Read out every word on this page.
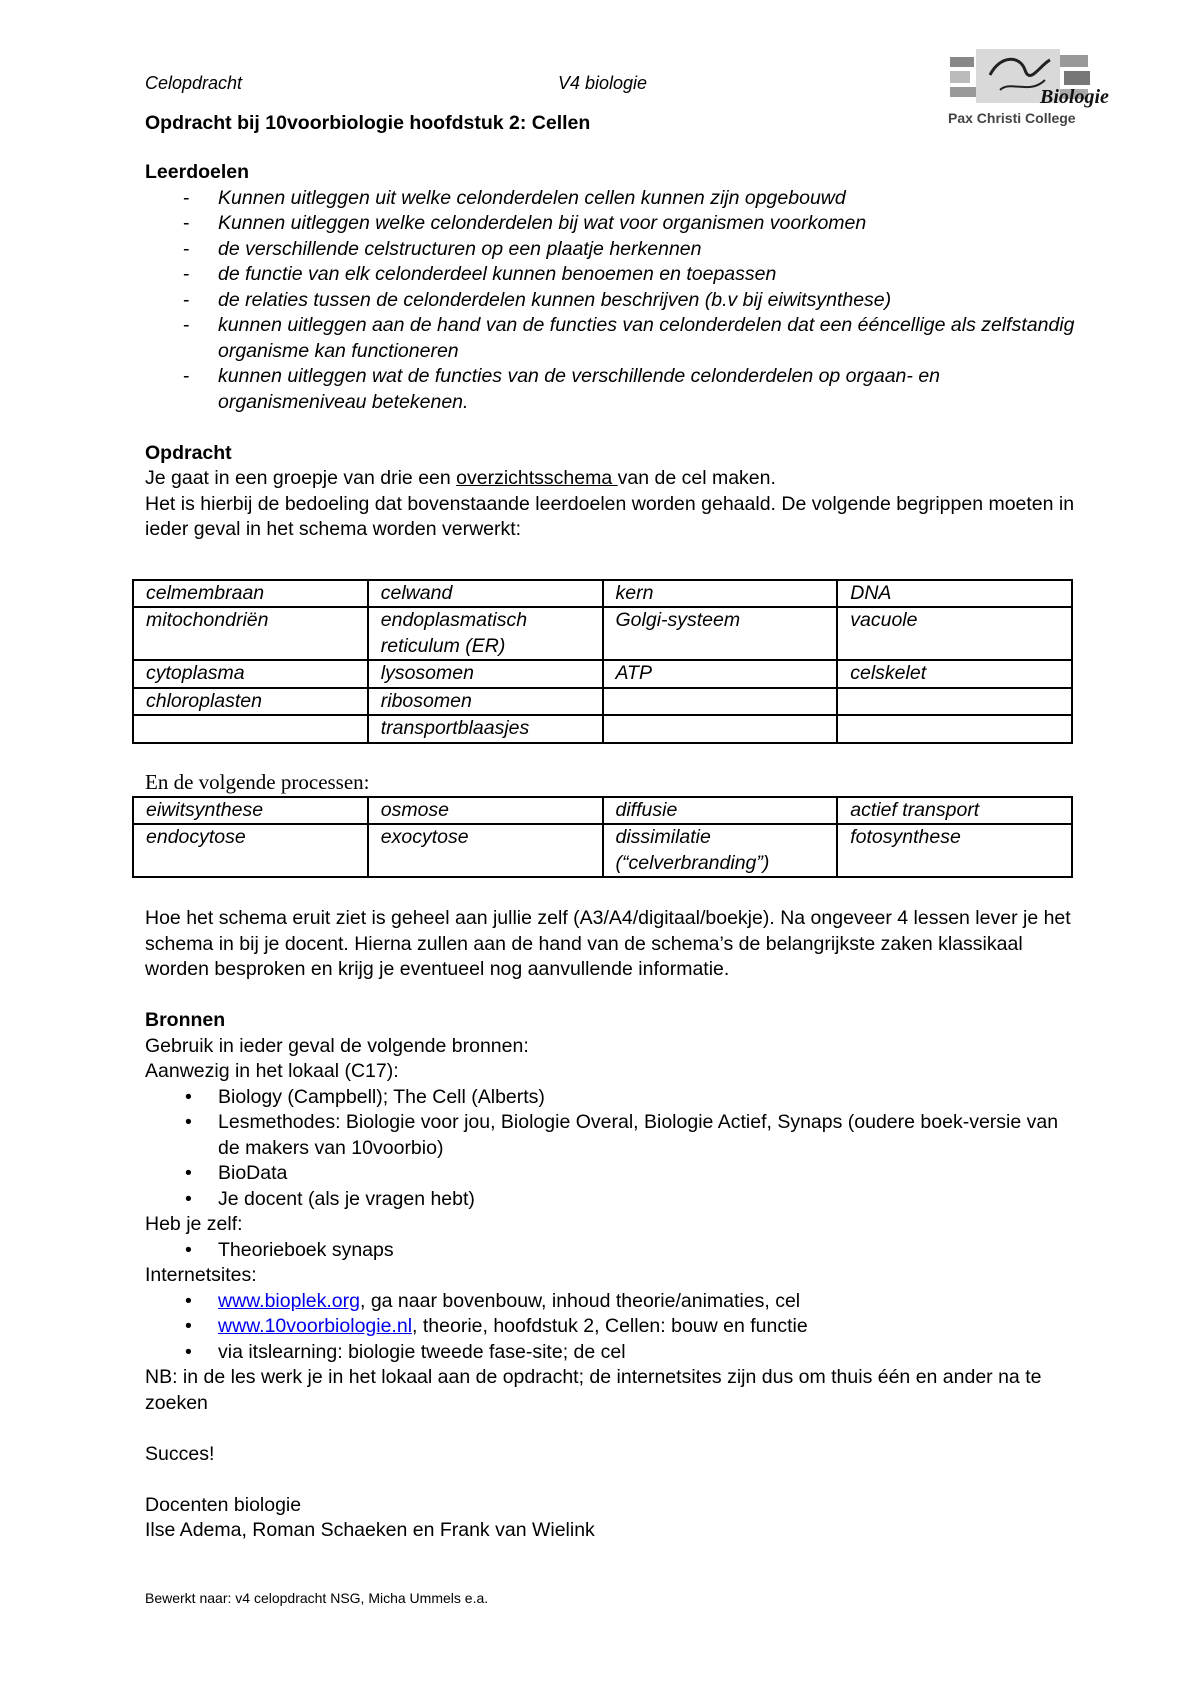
Celopdracht	V4 biologie
Biologie
Pax Christi College
Opdracht bij 10voorbiologie hoofdstuk 2: Cellen
Leerdoelen
- Kunnen uitleggen uit welke celonderdelen cellen kunnen zijn opgebouwd
- Kunnen uitleggen welke celonderdelen bij wat voor organismen voorkomen
- de verschillende celstructuren op een plaatje herkennen
- de functie van elk celonderdeel kunnen benoemen en toepassen
- de relaties tussen de celonderdelen kunnen beschrijven (b.v bij eiwitsynthese)
- kunnen uitleggen aan de hand van de functies van celonderdelen dat een ééncellige als zelfstandig organisme kan functioneren
- kunnen uitleggen wat de functies van de verschillende celonderdelen op orgaan- en organismeniveau betekenen.
Opdracht

Je gaat in een groepje van drie een overzichtsschema van de cel maken.

Het is hierbij de bedoeling dat bovenstaande leerdoelen worden gehaald. De volgende begrippen moeten in ieder geval in het schema worden verwerkt:

celmembraan	celwand	kern	DNA
mitochondriën	endoplasmatisch reticulum (ER)	Golgi-systeem	vacuole
cytoplasma	lysosomen	ATP	celskelet
chloroplasten	ribosomen		
	transportblaasjes		

En de volgende processen:

eiwitsynthese	osmose	diffusie	actief transport
endocytose	exocytose	dissimilatie (“celverbranding”)	fotosynthese

Hoe het schema eruit ziet is geheel aan jullie zelf (A3/A4/digitaal/boekje). Na ongeveer 4 lessen lever je het schema in bij je docent. Hierna zullen aan de hand van de schema’s de belangrijkste zaken klassikaal worden besproken en krijg je eventueel nog aanvullende informatie.

Bronnen

Gebruik in ieder geval de volgende bronnen:

Aanwezig in het lokaal (C17):

• Biology (Campbell); The Cell (Alberts)
• Lesmethodes: Biologie voor jou, Biologie Overal, Biologie Actief, Synaps (oudere boek-versie van de makers van 10voorbio)
• BioData
• Je docent (als je vragen hebt)

Heb je zelf:

• Theorieboek synaps

Internetsites:

• www.bioplek.org, ga naar bovenbouw, inhoud theorie/animaties, cel
• www.10voorbiologie.nl, theorie, hoofdstuk 2, Cellen: bouw en functie
• via itslearning: biologie tweede fase-site; de cel

NB: in de les werk je in het lokaal aan de opdracht; de internetsites zijn dus om thuis één en ander na te zoeken

Succes!

Docenten biologie

Ilse Adema, Roman Schaeken en Frank van Wielink

Bewerkt naar: v4 celopdracht NSG, Micha Ummels e.a.
